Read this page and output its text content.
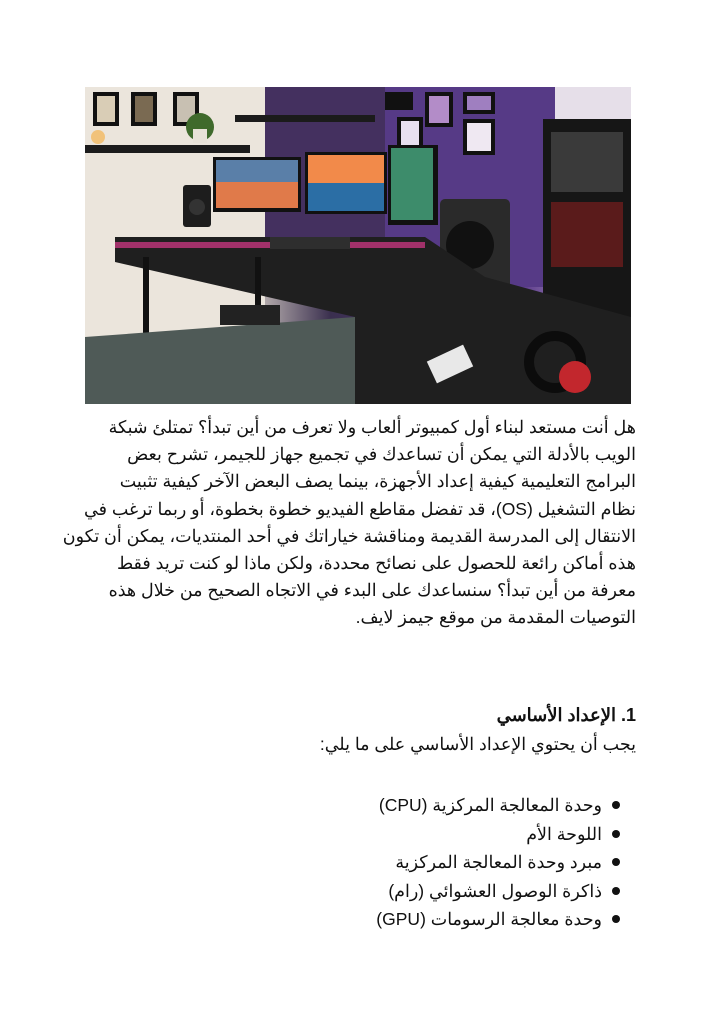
هل أنت مستعد لبناء أول كمبيوتر ألعاب ولا تعرف من أين تبدأ؟ تمتلئ شبكة
الويب بالأدلة التي يمكن أن تساعدك في تجميع جهاز للجيمر، تشرح بعض
البرامج التعليمية كيفية إعداد الأجهزة، بينما يصف البعض الآخر كيفية تثبيت
نظام التشغيل (OS)، قد تفضل مقاطع الفيديو خطوة بخطوة، أو ربما ترغب في
الانتقال إلى المدرسة القديمة ومناقشة خياراتك في أحد المنتديات، يمكن أن تكون
هذه أماكن رائعة للحصول على نصائح محددة، ولكن ماذا لو كنت تريد فقط
معرفة من أين تبدأ؟ سنساعدك على البدء في الاتجاه الصحيح من خلال هذه
التوصيات المقدمة من موقع جيمز لايف.
1. الإعداد الأساسي
يجب أن يحتوي الإعداد الأساسي على ما يلي:
وحدة المعالجة المركزية (CPU)
اللوحة الأم
مبرد وحدة المعالجة المركزية
ذاكرة الوصول العشوائي (رام)
وحدة معالجة الرسومات (GPU)
